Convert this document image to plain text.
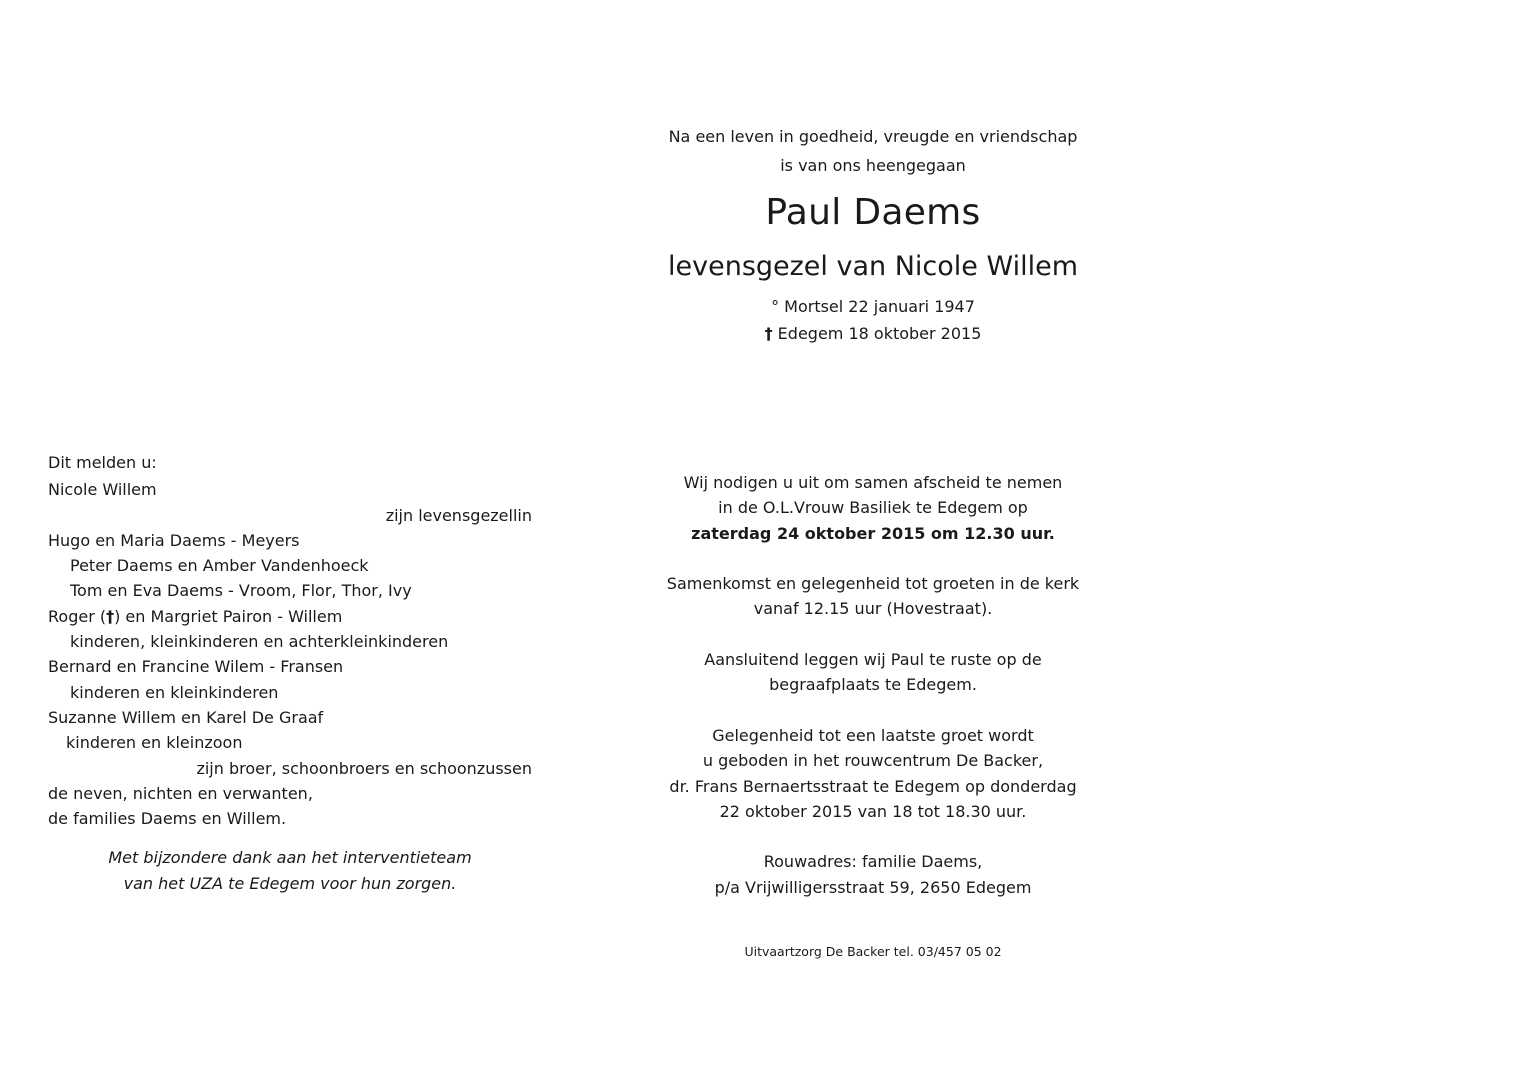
Na een leven in goedheid, vreugde en vriendschap
is van ons heengegaan
Paul Daems
levensgezel van Nicole Willem
° Mortsel 22 januari 1947
† Edegem 18 oktober 2015
Dit melden u:
Nicole Willem
zijn levensgezellin
Hugo en Maria Daems - Meyers
Peter Daems en Amber Vandenhoeck
Tom en Eva Daems - Vroom, Flor, Thor, Ivy
Roger (†) en Margriet Pairon - Willem
kinderen, kleinkinderen en achterkleinkinderen
Bernard en Francine Wilem - Fransen
kinderen en kleinkinderen
Suzanne Willem en Karel De Graaf
kinderen en kleinzoon
zijn broer, schoonbroers en schoonzussen
de neven, nichten en verwanten,
de families Daems en Willem.
Met bijzondere dank aan het interventieteam
van het UZA te Edegem voor hun zorgen.
Wij nodigen u uit om samen afscheid te nemen
in de O.L.Vrouw Basiliek te Edegem op
zaterdag 24 oktober 2015 om 12.30 uur.
Samenkomst en gelegenheid tot groeten in de kerk
vanaf 12.15 uur (Hovestraat).
Aansluitend leggen wij Paul te ruste op de
begraafplaats te Edegem.
Gelegenheid tot een laatste groet wordt
u geboden in het rouwcentrum De Backer,
dr. Frans Bernaertsstraat te Edegem op donderdag
22 oktober 2015 van 18 tot 18.30 uur.
Rouwadres: familie Daems,
p/a Vrijwilligersstraat 59, 2650 Edegem
Uitvaartzorg De Backer tel. 03/457 05 02
